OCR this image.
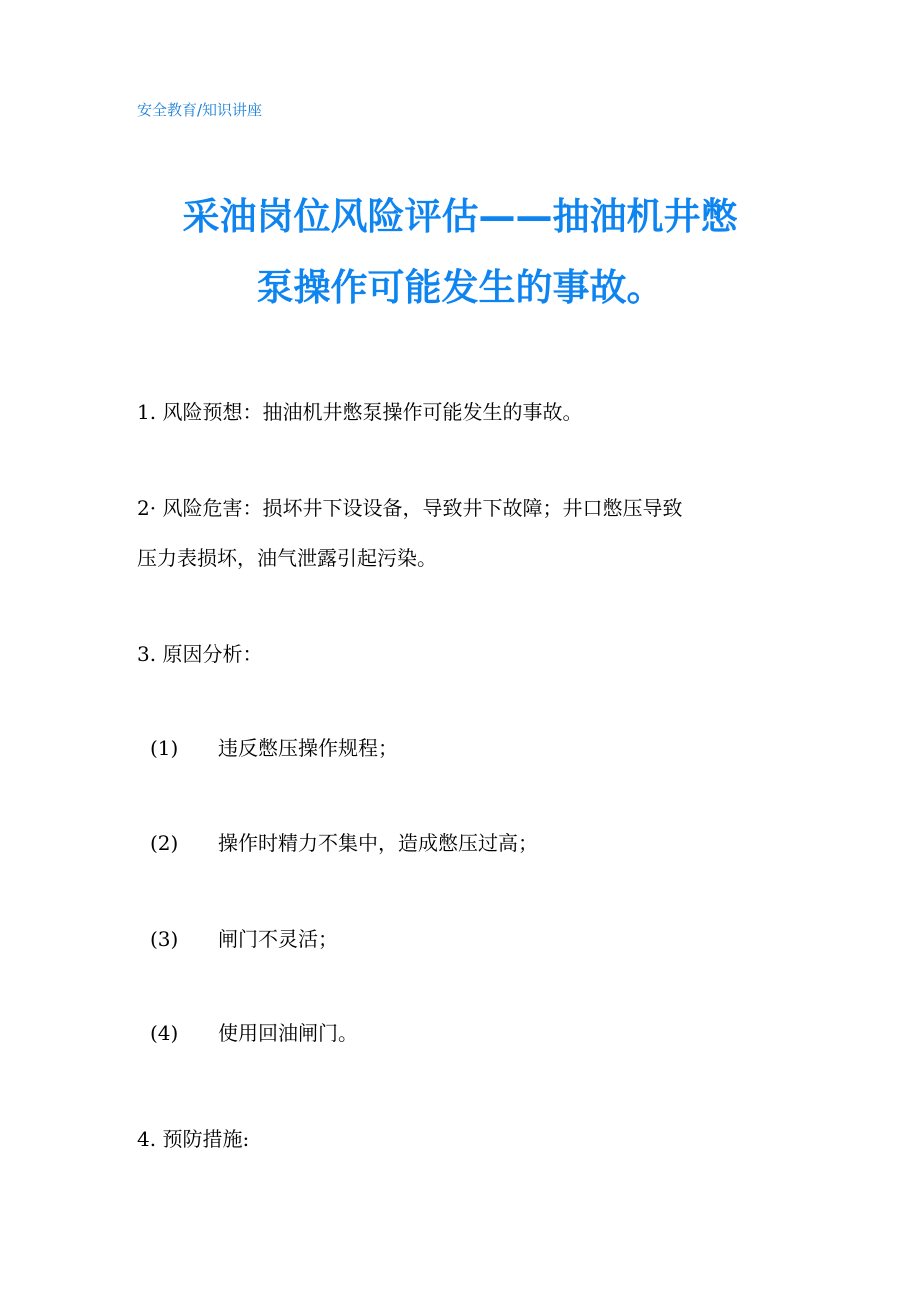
安全教育/知识讲座
采油岗位风险评估——抽油机井憋
泵操作可能发生的事故。
1. 风险预想：抽油机井憋泵操作可能发生的事故。
2· 风险危害：损坏井下设设备，导致井下故障；井口憋压导致
压力表损坏，油气泄露引起污染。
3. 原因分析：
(1) 违反憋压操作规程；
(2) 操作时精力不集中，造成憋压过高；
(3) 闸门不灵活；
(4) 使用回油闸门。
4. 预防措施:
